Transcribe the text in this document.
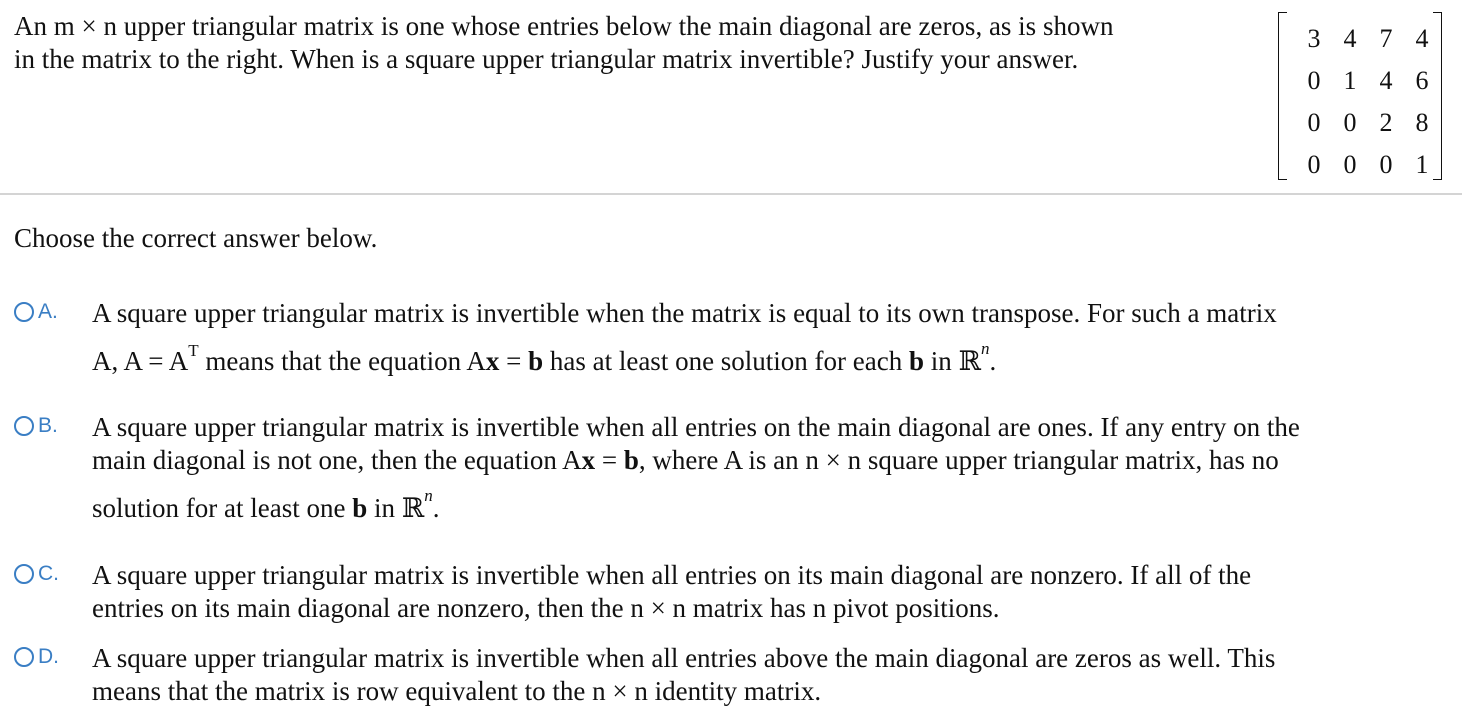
An m × n upper triangular matrix is one whose entries below the main diagonal are zeros, as is shown
in the matrix to the right. When is a square upper triangular matrix invertible? Justify your answer.
3 4 7 4
0 1 4 6
0 0 2 8
0 0 0 1
Choose the correct answer below.
A. A square upper triangular matrix is invertible when the matrix is equal to its own transpose. For such a matrix
A, $A = A^T$ means that the equation Ax = b has at least one solution for each b in ℝ$^n$.
B. A square upper triangular matrix is invertible when all entries on the main diagonal are ones. If any entry on the
main diagonal is not one, then the equation Ax = b, where A is an n × n square upper triangular matrix, has no
solution for at least one b in ℝ$^n$.
C. A square upper triangular matrix is invertible when all entries on its main diagonal are nonzero. If all of the
entries on its main diagonal are nonzero, then the n × n matrix has n pivot positions.
D. A square upper triangular matrix is invertible when all entries above the main diagonal are zeros as well. This
means that the matrix is row equivalent to the n × n identity matrix.
